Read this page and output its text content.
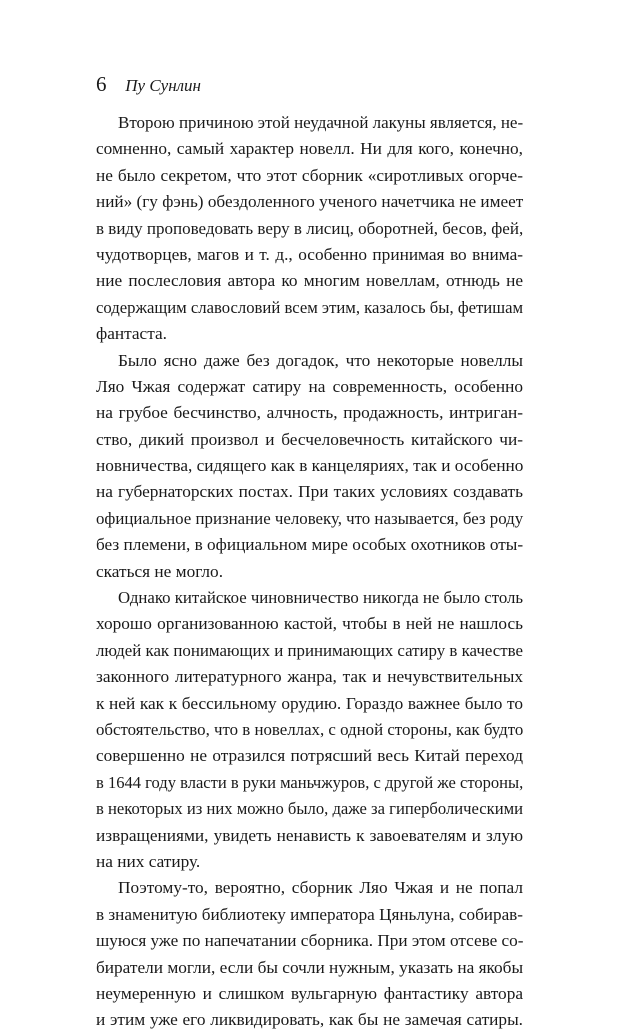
6 Пу Сунлин
Второю причиною этой неудачной лакуны является, не-
сомненно, самый характер новелл. Ни для кого, конечно,
не было секретом, что этот сборник «сиротливых огорче-
ний» (гу фэнь) обездоленного ученого начетчика не имеет
в виду проповедовать веру в лисиц, оборотней, бесов, фей,
чудотворцев, магов и т. д., особенно принимая во внима-
ние послесловия автора ко многим новеллам, отнюдь не
содержащим славословий всем этим, казалось бы, фетишам
фантаста.
Было ясно даже без догадок, что некоторые новеллы
Ляо Чжая содержат сатиру на современность, особенно
на грубое бесчинство, алчность, продажность, интриган-
ство, дикий произвол и бесчеловечность китайского чи-
новничества, сидящего как в канцеляриях, так и особенно
на губернаторских постах. При таких условиях создавать
официальное признание человеку, что называется, без роду
без племени, в официальном мире особых охотников оты-
скаться не могло.
Однако китайское чиновничество никогда не было столь
хорошо организованною кастой, чтобы в ней не нашлось
людей как понимающих и принимающих сатиру в качестве
законного литературного жанра, так и нечувствительных
к ней как к бессильному орудию. Гораздо важнее было то
обстоятельство, что в новеллах, с одной стороны, как будто
совершенно не отразился потрясший весь Китай переход
в 1644 году власти в руки маньчжуров, с другой же стороны,
в некоторых из них можно было, даже за гиперболическими
извращениями, увидеть ненависть к завоевателям и злую
на них сатиру.
Поэтому-то, вероятно, сборник Ляо Чжая и не попал
в знаменитую библиотеку императора Цяньлуна, собирав-
шуюся уже по напечатании сборника. При этом отсеве со-
биратели могли, если бы сочли нужным, указать на якобы
неумеренную и слишком вульгарную фантастику автора
и этим уже его ликвидировать, как бы не замечая сатиры.
